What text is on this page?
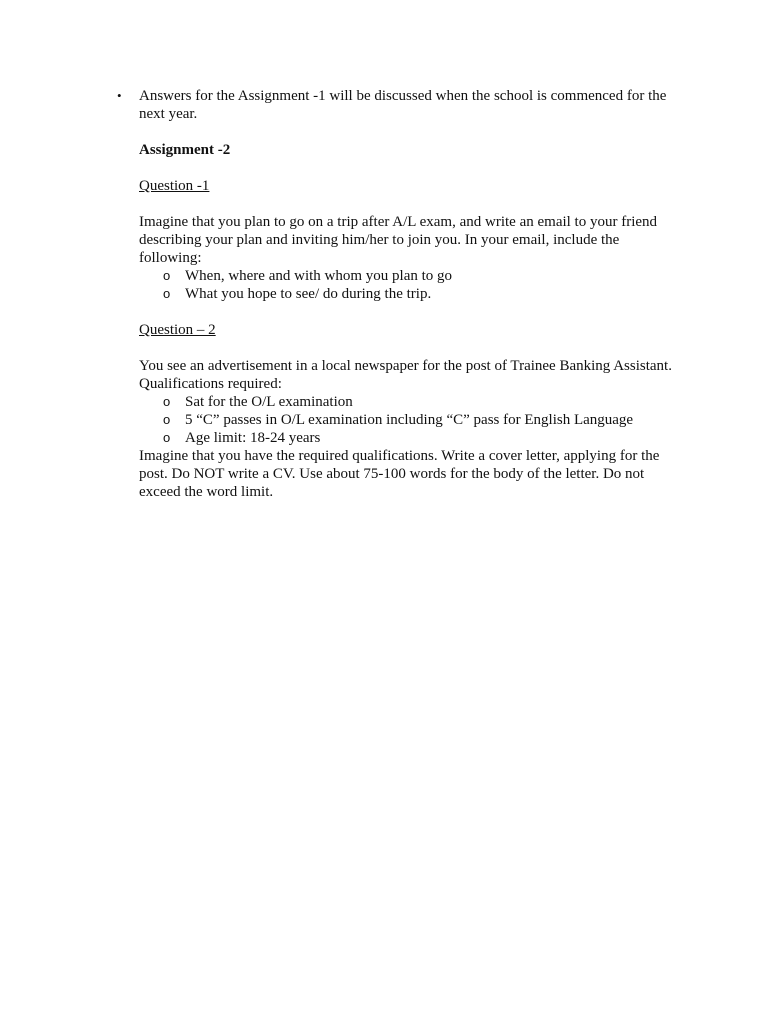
• Answers for the Assignment -1 will be discussed when the school is commenced for the next year.

Assignment -2

Question -1

Imagine that you plan to go on a trip after A/L exam, and write an email to your friend describing your plan and inviting him/her to join you. In your email, include the following:

o When, where and with whom you plan to go
o What you hope to see/ do during the trip.

Question – 2

You see an advertisement in a local newspaper for the post of Trainee Banking Assistant. Qualifications required:

o Sat for the O/L examination
o 5 “C” passes in O/L examination including “C” pass for English Language
o Age limit: 18-24 years

Imagine that you have the required qualifications. Write a cover letter, applying for the post. Do NOT write a CV. Use about 75-100 words for the body of the letter. Do not exceed the word limit.
